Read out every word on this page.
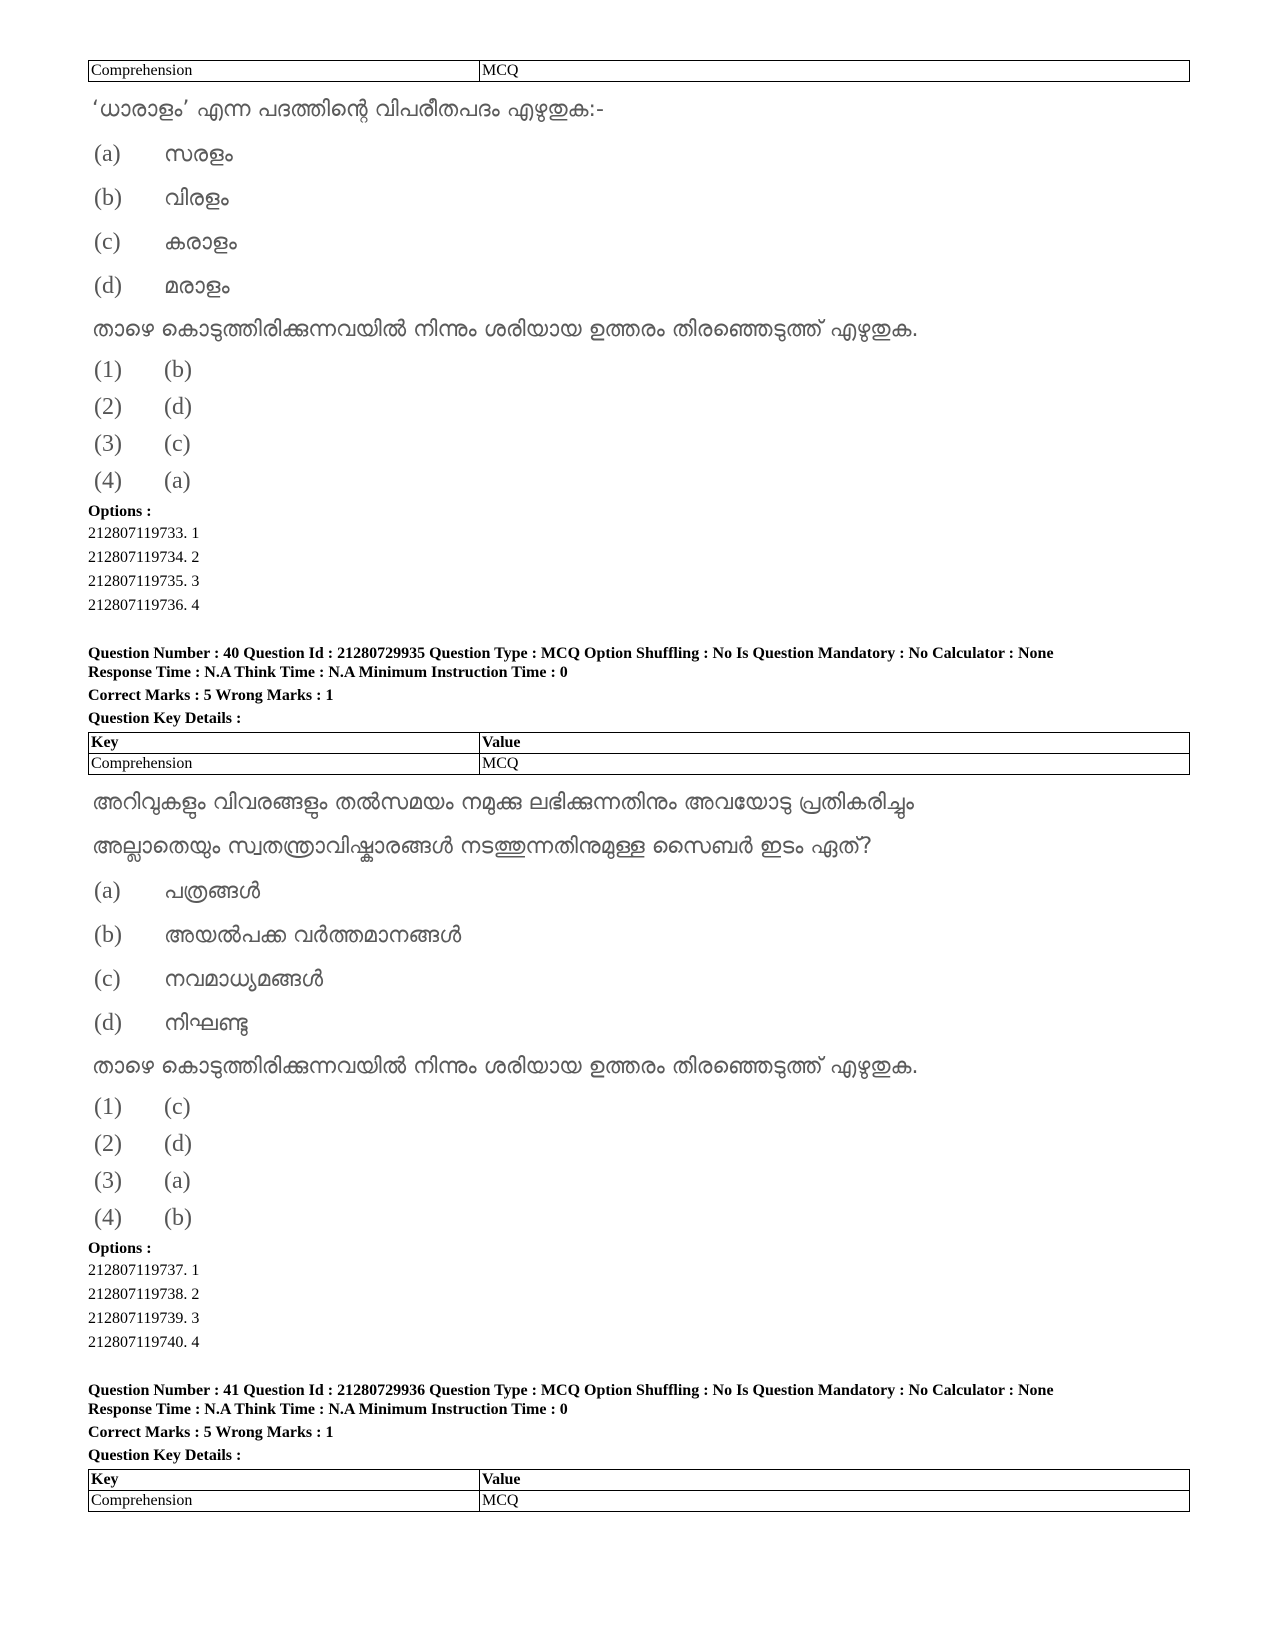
Comprehension	MCQ
‘ധാരാളം’ എന്ന പദത്തിന്റെ വിപരീതപദം എഴുതുക:-
(a)	സരളം
(b)	വിരളം
(c)	കരാളം
(d)	മരാളം
താഴെ കൊടുത്തിരിക്കുന്നവയിൽ നിന്നും ശരിയായ ഉത്തരം തിരഞ്ഞെടുത്ത് എഴുതുക.
(1)	(b)
(2)	(d)
(3)	(c)
(4)	(a)
Options :
212807119733. 1
212807119734. 2
212807119735. 3
212807119736. 4
Question Number : 40 Question Id : 21280729935 Question Type : MCQ Option Shuffling : No Is Question Mandatory : No Calculator : None
Response Time : N.A Think Time : N.A Minimum Instruction Time : 0
Correct Marks : 5 Wrong Marks : 1
Question Key Details :
Key	Value
Comprehension	MCQ
അറിവുകളും വിവരങ്ങളും തൽസമയം നമുക്കു ലഭിക്കുന്നതിനും അവയോടു പ്രതികരിച്ചും
അല്ലാതെയും സ്വതന്ത്രാവിഷ്കാരങ്ങൾ നടത്തുന്നതിനുമുള്ള സൈബർ ഇടം ഏത്?
(a)	പത്രങ്ങൾ
(b)	അയൽപക്ക വർത്തമാനങ്ങൾ
(c)	നവമാധ്യമങ്ങൾ
(d)	നിഘണ്ടു
താഴെ കൊടുത്തിരിക്കുന്നവയിൽ നിന്നും ശരിയായ ഉത്തരം തിരഞ്ഞെടുത്ത് എഴുതുക.
(1)	(c)
(2)	(d)
(3)	(a)
(4)	(b)
Options :
212807119737. 1
212807119738. 2
212807119739. 3
212807119740. 4
Question Number : 41 Question Id : 21280729936 Question Type : MCQ Option Shuffling : No Is Question Mandatory : No Calculator : None
Response Time : N.A Think Time : N.A Minimum Instruction Time : 0
Correct Marks : 5 Wrong Marks : 1
Question Key Details :
Key	Value
Comprehension	MCQ
